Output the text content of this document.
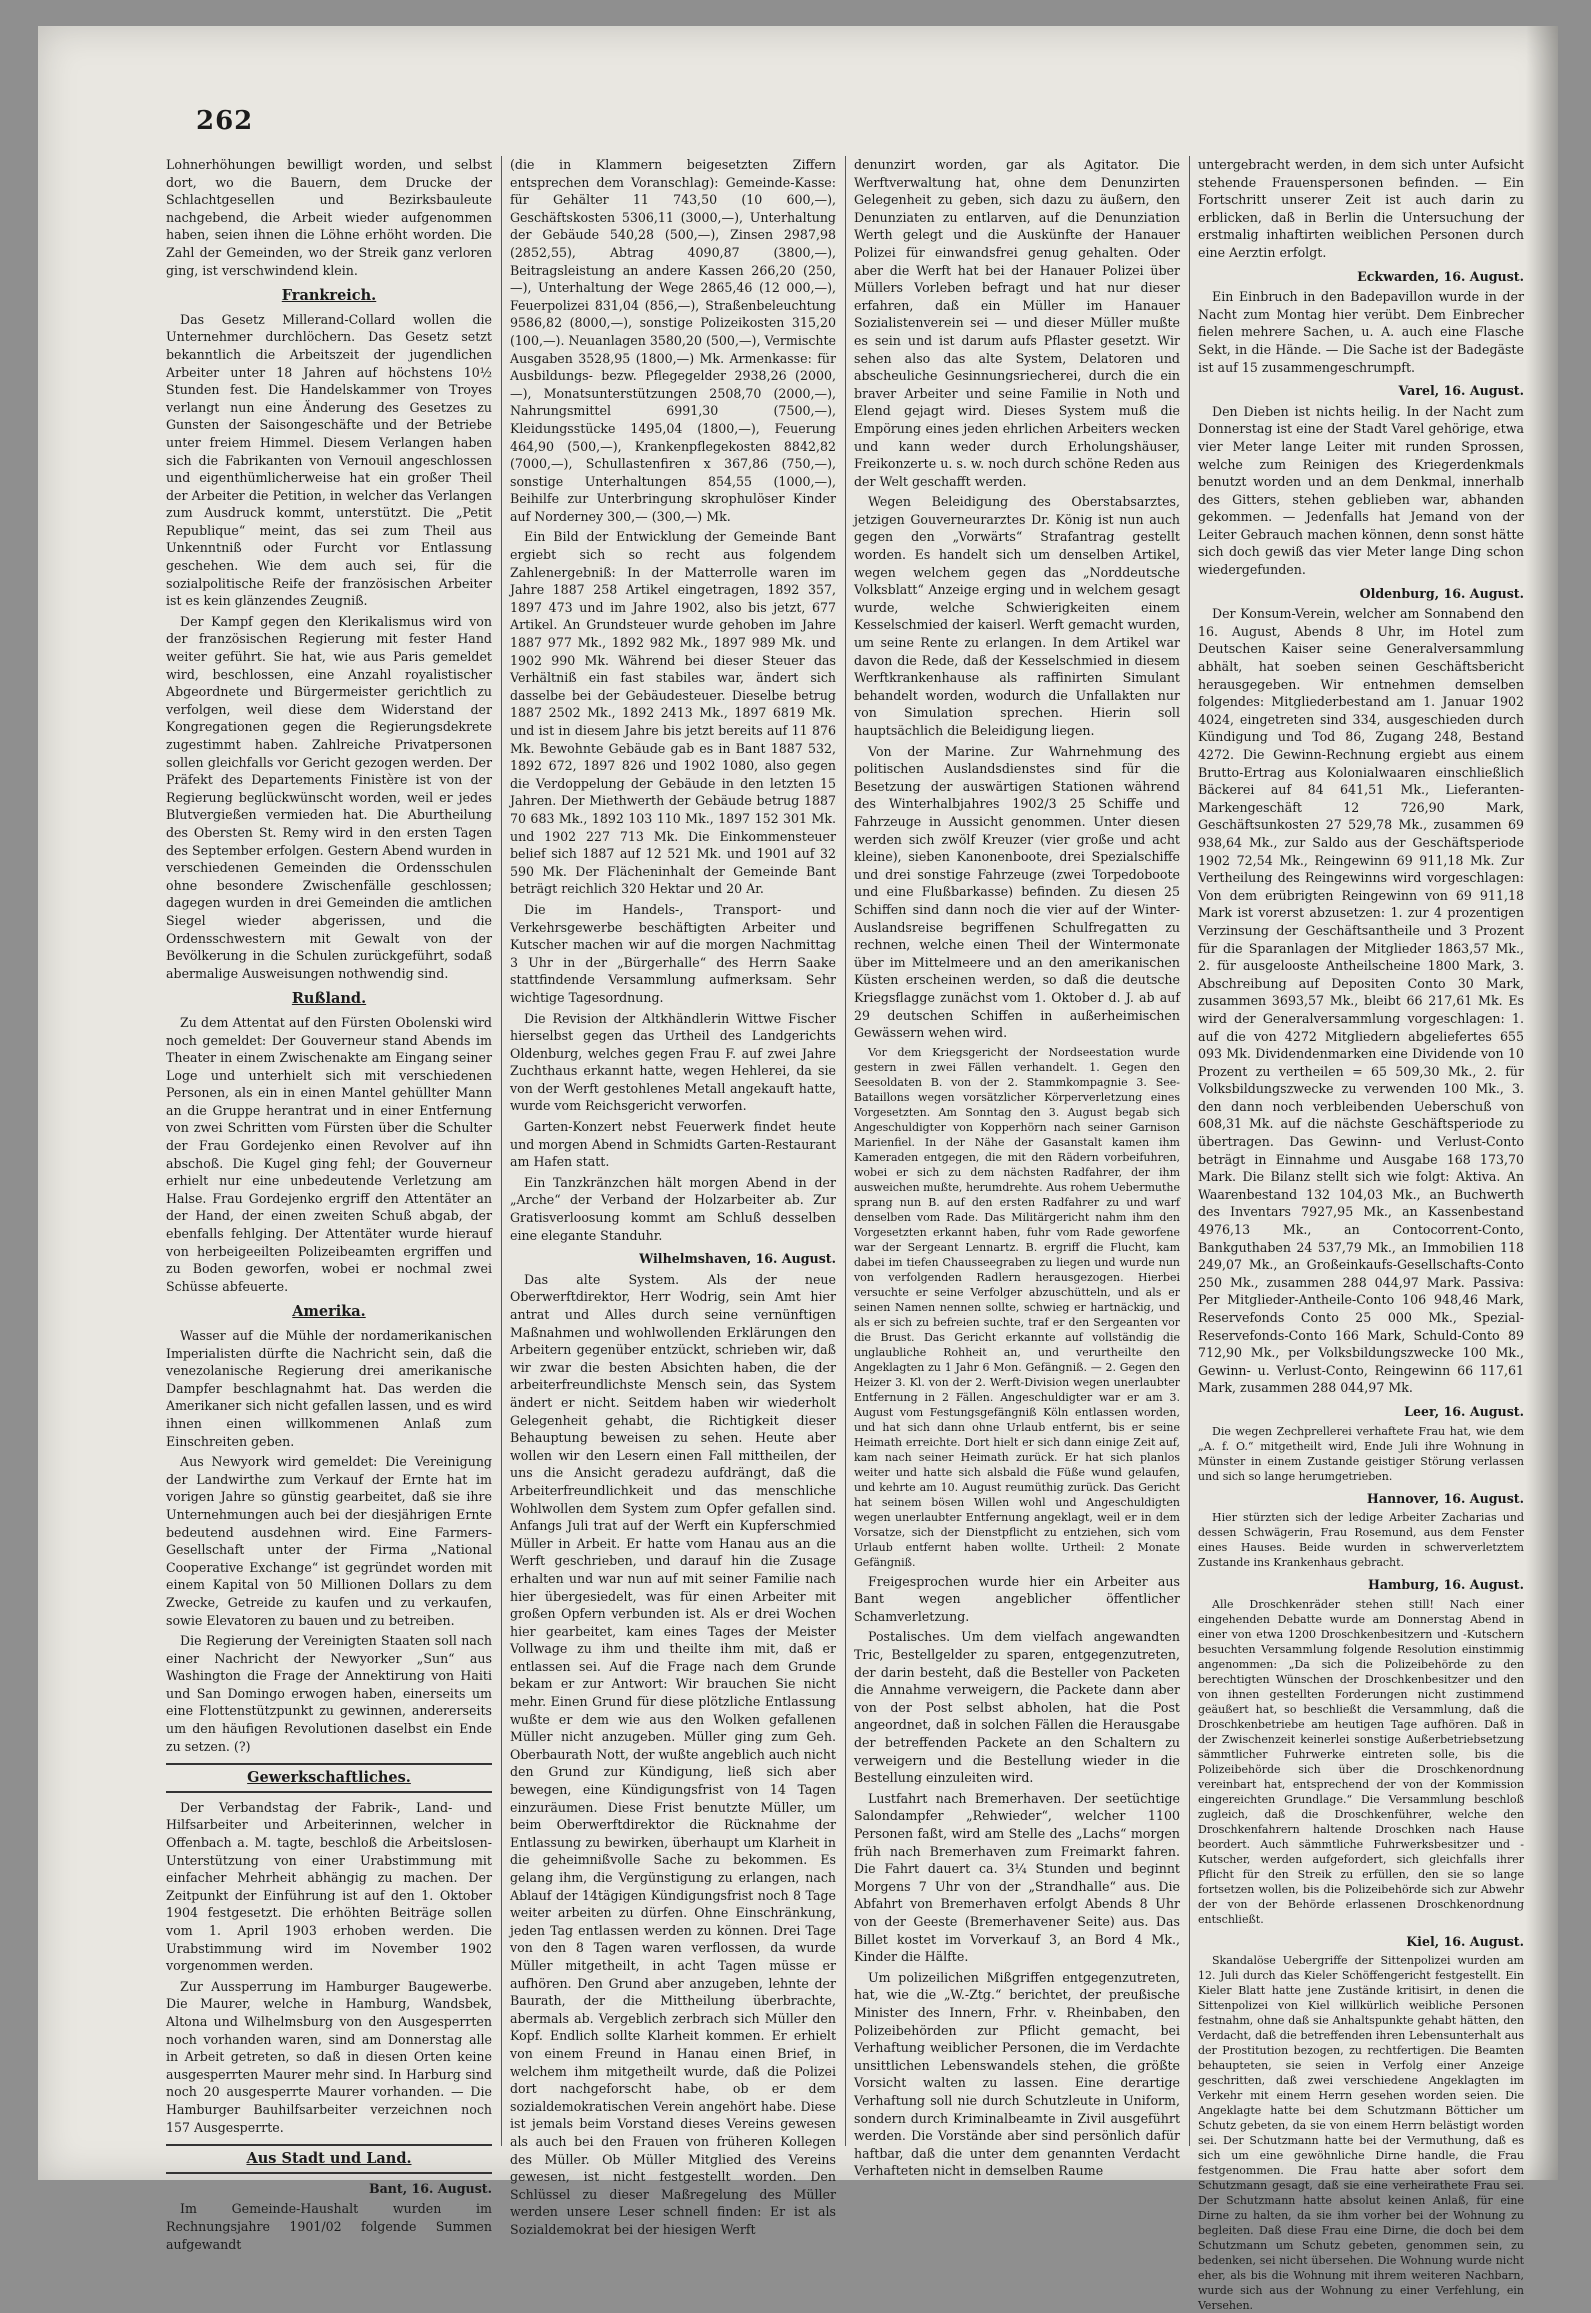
262

Lohnerhöhungen bewilligt worden, und selbst dort, wo die Bauern, dem Drucke der Schlachtgesellen und Bezirksbauleute nachgebend, die Arbeit wieder aufgenommen haben, seien ihnen die Löhne erhöht worden. Die Zahl der Gemeinden, wo der Streik ganz verloren ging, ist verschwindend klein.

Frankreich.

Das Gesetz Millerand-Collard wollen die Unternehmer durchlöchern. Das Gesetz setzt bekanntlich die Arbeitszeit der jugendlichen Arbeiter unter 18 Jahren auf höchstens 10½ Stunden fest. Die Handelskammer von Troyes verlangt nun eine Änderung des Gesetzes zu Gunsten der Saisongeschäfte und der Betriebe unter freiem Himmel. Diesem Verlangen haben sich die Fabrikanten von Vernouil angeschlossen und eigenthümlicherweise hat ein großer Theil der Arbeiter die Petition, in welcher das Verlangen zum Ausdruck kommt, unterstützt. Die „Petit Republique“ meint, das sei zum Theil aus Unkenntniß oder Furcht vor Entlassung geschehen. Wie dem auch sei, für die sozialpolitische Reife der französischen Arbeiter ist es kein glänzendes Zeugniß.

Der Kampf gegen den Klerikalismus wird von der französischen Regierung mit fester Hand weiter geführt. Sie hat, wie aus Paris gemeldet wird, beschlossen, eine Anzahl royalistischer Abgeordnete und Bürgermeister gerichtlich zu verfolgen, weil diese dem Widerstand der Kongregationen gegen die Regierungsdekrete zugestimmt haben. Zahlreiche Privatpersonen sollen gleichfalls vor Gericht gezogen werden. Der Präfekt des Departements Finistère ist von der Regierung beglückwünscht worden, weil er jedes Blutvergießen vermieden hat. Die Aburtheilung des Obersten St. Remy wird in den ersten Tagen des September erfolgen. Gestern Abend wurden in verschiedenen Gemeinden die Ordensschulen ohne besondere Zwischenfälle geschlossen; dagegen wurden in drei Gemeinden die amtlichen Siegel wieder abgerissen, und die Ordensschwestern mit Gewalt von der Bevölkerung in die Schulen zurückgeführt, sodaß abermalige Ausweisungen nothwendig sind.

Rußland.

Zu dem Attentat auf den Fürsten Obolenski wird noch gemeldet: Der Gouverneur stand Abends im Theater in einem Zwischenakte am Eingang seiner Loge und unterhielt sich mit verschiedenen Personen, als ein in einen Mantel gehüllter Mann an die Gruppe herantrat und in einer Entfernung von zwei Schritten vom Fürsten über die Schulter der Frau Gordejenko einen Revolver auf ihn abschoß. Die Kugel ging fehl; der Gouverneur erhielt nur eine unbedeutende Verletzung am Halse. Frau Gordejenko ergriff den Attentäter an der Hand, der einen zweiten Schuß abgab, der ebenfalls fehlging. Der Attentäter wurde hierauf von herbeigeeilten Polizeibeamten ergriffen und zu Boden geworfen, wobei er nochmal zwei Schüsse abfeuerte.

Amerika.

Wasser auf die Mühle der nordamerikanischen Imperialisten dürfte die Nachricht sein, daß die venezolanische Regierung drei amerikanische Dampfer beschlagnahmt hat. Das werden die Amerikaner sich nicht gefallen lassen, und es wird ihnen einen willkommenen Anlaß zum Einschreiten geben.

Aus Newyork wird gemeldet: Die Vereinigung der Landwirthe zum Verkauf der Ernte hat im vorigen Jahre so günstig gearbeitet, daß sie ihre Unternehmungen auch bei der diesjährigen Ernte bedeutend ausdehnen wird. Eine Farmers-Gesellschaft unter der Firma „National Cooperative Exchange“ ist gegründet worden mit einem Kapital von 50 Millionen Dollars zu dem Zwecke, Getreide zu kaufen und zu verkaufen, sowie Elevatoren zu bauen und zu betreiben.

Die Regierung der Vereinigten Staaten soll nach einer Nachricht der Newyorker „Sun“ aus Washington die Frage der Annektirung von Haiti und San Domingo erwogen haben, einerseits um eine Flottenstützpunkt zu gewinnen, andererseits um den häufigen Revolutionen daselbst ein Ende zu setzen. (?)

Gewerkschaftliches.

Der Verbandstag der Fabrik-, Land- und Hilfsarbeiter und Arbeiterinnen, welcher in Offenbach a. M. tagte, beschloß die Arbeitslosen-Unterstützung von einer Urabstimmung mit einfacher Mehrheit abhängig zu machen. Der Zeitpunkt der Einführung ist auf den 1. Oktober 1904 festgesetzt. Die erhöhten Beiträge sollen vom 1. April 1903 erhoben werden. Die Urabstimmung wird im November 1902 vorgenommen werden.

Zur Aussperrung im Hamburger Baugewerbe. Die Maurer, welche in Hamburg, Wandsbek, Altona und Wilhelmsburg von den Ausgesperrten noch vorhanden waren, sind am Donnerstag alle in Arbeit getreten, so daß in diesen Orten keine ausgesperrten Maurer mehr sind. In Harburg sind noch 20 ausgesperrte Maurer vorhanden. — Die Hamburger Bauhilfsarbeiter verzeichnen noch 157 Ausgesperrte.

Aus Stadt und Land.
Bant, 16. August.

Im Gemeinde-Haushalt wurden im Rechnungsjahre 1901/02 folgende Summen aufgewandt

(die in Klammern beigesetzten Ziffern entsprechen dem Voranschlag): Gemeinde-Kasse: für Gehälter 11 743,50 (10 600,—), Geschäftskosten 5306,11 (3000,—), Unterhaltung der Gebäude 540,28 (500,—), Zinsen 2987,98 (2852,55), Abtrag 4090,87 (3800,—), Beitragsleistung an andere Kassen 266,20 (250,—), Unterhaltung der Wege 2865,46 (12 000,—), Feuerpolizei 831,04 (856,—), Straßenbeleuchtung 9586,82 (8000,—), sonstige Polizeikosten 315,20 (100,—). Neuanlagen 3580,20 (500,—), Vermischte Ausgaben 3528,95 (1800,—) Mk. Armenkasse: für Ausbildungs- bezw. Pflegegelder 2938,26 (2000,—), Monatsunterstützungen 2508,70 (2000,—), Nahrungsmittel 6991,30 (7500,—), Kleidungsstücke 1495,04 (1800,—), Feuerung 464,90 (500,—), Krankenpflegekosten 8842,82 (7000,—), Schullastenfiren x 367,86 (750,—), sonstige Unterhaltungen 854,55 (1000,—), Beihilfe zur Unterbringung skrophulöser Kinder auf Norderney 300,— (300,—) Mk.

Ein Bild der Entwicklung der Gemeinde Bant ergiebt sich so recht aus folgendem Zahlenergebniß: In der Matterrolle waren im Jahre 1887 258 Artikel eingetragen, 1892 357, 1897 473 und im Jahre 1902, also bis jetzt, 677 Artikel. An Grundsteuer wurde gehoben im Jahre 1887 977 Mk., 1892 982 Mk., 1897 989 Mk. und 1902 990 Mk. Während bei dieser Steuer das Verhältniß ein fast stabiles war, ändert sich dasselbe bei der Gebäudesteuer. Dieselbe betrug 1887 2502 Mk., 1892 2413 Mk., 1897 6819 Mk. und ist in diesem Jahre bis jetzt bereits auf 11 876 Mk. Bewohnte Gebäude gab es in Bant 1887 532, 1892 672, 1897 826 und 1902 1080, also gegen die Verdoppelung der Gebäude in den letzten 15 Jahren. Der Miethwerth der Gebäude betrug 1887 70 683 Mk., 1892 103 110 Mk., 1897 152 301 Mk. und 1902 227 713 Mk. Die Einkommensteuer belief sich 1887 auf 12 521 Mk. und 1901 auf 32 590 Mk. Der Flächeninhalt der Gemeinde Bant beträgt reichlich 320 Hektar und 20 Ar.

Die im Handels-, Transport- und Verkehrsgewerbe beschäftigten Arbeiter und Kutscher machen wir auf die morgen Nachmittag 3 Uhr in der „Bürgerhalle“ des Herrn Saake stattfindende Versammlung aufmerksam. Sehr wichtige Tagesordnung.

Die Revision der Altkhändlerin Wittwe Fischer hierselbst gegen das Urtheil des Landgerichts Oldenburg, welches gegen Frau F. auf zwei Jahre Zuchthaus erkannt hatte, wegen Hehlerei, da sie von der Werft gestohlenes Metall angekauft hatte, wurde vom Reichsgericht verworfen.

Garten-Konzert nebst Feuerwerk findet heute und morgen Abend in Schmidts Garten-Restaurant am Hafen statt.

Ein Tanzkränzchen hält morgen Abend in der „Arche“ der Verband der Holzarbeiter ab. Zur Gratisverloosung kommt am Schluß desselben eine elegante Standuhr.

Wilhelmshaven, 16. August.

Das alte System. Als der neue Oberwerftdirektor, Herr Wodrig, sein Amt hier antrat und Alles durch seine vernünftigen Maßnahmen und wohlwollenden Erklärungen den Arbeitern gegenüber entzückt, schrieben wir, daß wir zwar die besten Absichten haben, die der arbeiterfreundlichste Mensch sein, das System ändert er nicht. Seitdem haben wir wiederholt Gelegenheit gehabt, die Richtigkeit dieser Behauptung beweisen zu sehen. Heute aber wollen wir den Lesern einen Fall mittheilen, der uns die Ansicht geradezu aufdrängt, daß die Arbeiterfreundlichkeit und das menschliche Wohlwollen dem System zum Opfer gefallen sind. Anfangs Juli trat auf der Werft ein Kupferschmied Müller in Arbeit. Er hatte vom Hanau aus an die Werft geschrieben, und darauf hin die Zusage erhalten und war nun auf mit seiner Familie nach hier übergesiedelt, was für einen Arbeiter mit großen Opfern verbunden ist. Als er drei Wochen hier gearbeitet, kam eines Tages der Meister Vollwage zu ihm und theilte ihm mit, daß er entlassen sei. Auf die Frage nach dem Grunde bekam er zur Antwort: Wir brauchen Sie nicht mehr. Einen Grund für diese plötzliche Entlassung wußte er dem wie aus den Wolken gefallenen Müller nicht anzugeben. Müller ging zum Geh. Oberbaurath Nott, der wußte angeblich auch nicht den Grund zur Kündigung, ließ sich aber bewegen, eine Kündigungsfrist von 14 Tagen einzuräumen. Diese Frist benutzte Müller, um beim Oberwerftdirektor die Rücknahme der Entlassung zu bewirken, überhaupt um Klarheit in die geheimnißvolle Sache zu bekommen. Es gelang ihm, die Vergünstigung zu erlangen, nach Ablauf der 14tägigen Kündigungsfrist noch 8 Tage weiter arbeiten zu dürfen. Ohne Einschränkung, jeden Tag entlassen werden zu können. Drei Tage von den 8 Tagen waren verflossen, da wurde Müller mitgetheilt, in acht Tagen müsse er aufhören. Den Grund aber anzugeben, lehnte der Baurath, der die Mittheilung überbrachte, abermals ab. Vergeblich zerbrach sich Müller den Kopf. Endlich sollte Klarheit kommen. Er erhielt von einem Freund in Hanau einen Brief, in welchem ihm mitgetheilt wurde, daß die Polizei dort nachgeforscht habe, ob er dem sozialdemokratischen Verein angehört habe. Diese ist jemals beim Vorstand dieses Vereins gewesen als auch bei den Frauen von früheren Kollegen des Müller. Ob Müller Mitglied des Vereins gewesen, ist nicht festgestellt worden. Den Schlüssel zu dieser Maßregelung des Müller werden unsere Leser schnell finden: Er ist als Sozialdemokrat bei der hiesigen Werft

denunzirt worden, gar als Agitator. Die Werftverwaltung hat, ohne dem Denunzirten Gelegenheit zu geben, sich dazu zu äußern, den Denunziaten zu entlarven, auf die Denunziation Werth gelegt und die Auskünfte der Hanauer Polizei für einwandsfrei genug gehalten. Oder aber die Werft hat bei der Hanauer Polizei über Müllers Vorleben befragt und hat nur dieser erfahren, daß ein Müller im Hanauer Sozialistenverein sei — und dieser Müller mußte es sein und ist darum aufs Pflaster gesetzt. Wir sehen also das alte System, Delatoren und abscheuliche Gesinnungsriecherei, durch die ein braver Arbeiter und seine Familie in Noth und Elend gejagt wird. Dieses System muß die Empörung eines jeden ehrlichen Arbeiters wecken und kann weder durch Erholungshäuser, Freikonzerte u. s. w. noch durch schöne Reden aus der Welt geschafft werden.

Wegen Beleidigung des Oberstabsarztes, jetzigen Gouverneurarztes Dr. König ist nun auch gegen den „Vorwärts“ Strafantrag gestellt worden. Es handelt sich um denselben Artikel, wegen welchem gegen das „Norddeutsche Volksblatt“ Anzeige erging und in welchem gesagt wurde, welche Schwierigkeiten einem Kesselschmied der kaiserl. Werft gemacht wurden, um seine Rente zu erlangen. In dem Artikel war davon die Rede, daß der Kesselschmied in diesem Werftkrankenhause als raffinirten Simulant behandelt worden, wodurch die Unfallakten nur von Simulation sprechen. Hierin soll hauptsächlich die Beleidigung liegen.

Von der Marine. Zur Wahrnehmung des politischen Auslandsdienstes sind für die Besetzung der auswärtigen Stationen während des Winterhalbjahres 1902/3 25 Schiffe und Fahrzeuge in Aussicht genommen. Unter diesen werden sich zwölf Kreuzer (vier große und acht kleine), sieben Kanonenboote, drei Spezialschiffe und drei sonstige Fahrzeuge (zwei Torpedoboote und eine Flußbarkasse) befinden. Zu diesen 25 Schiffen sind dann noch die vier auf der Winter-Auslandsreise begriffenen Schulfregatten zu rechnen, welche einen Theil der Wintermonate über im Mittelmeere und an den amerikanischen Küsten erscheinen werden, so daß die deutsche Kriegsflagge zunächst vom 1. Oktober d. J. ab auf 29 deutschen Schiffen in außerheimischen Gewässern wehen wird.

Vor dem Kriegsgericht der Nordseestation wurde gestern in zwei Fällen verhandelt. 1. Gegen den Seesoldaten B. von der 2. Stammkompagnie 3. See-Bataillons wegen vorsätzlicher Körperverletzung eines Vorgesetzten. Am Sonntag den 3. August begab sich Angeschuldigter von Kopperhörn nach seiner Garnison Marienfiel. In der Nähe der Gasanstalt kamen ihm Kameraden entgegen, die mit den Rädern vorbeifuhren, wobei er sich zu dem nächsten Radfahrer, der ihm ausweichen mußte, herumdrehte. Aus rohem Uebermuthe sprang nun B. auf den ersten Radfahrer zu und warf denselben vom Rade. Das Militärgericht nahm ihm den Vorgesetzten erkannt haben, fuhr vom Rade geworfene war der Sergeant Lennartz. B. ergriff die Flucht, kam dabei im tiefen Chausseegraben zu liegen und wurde nun von verfolgenden Radlern herausgezogen. Hierbei versuchte er seine Verfolger abzuschütteln, und als er seinen Namen nennen sollte, schwieg er hartnäckig, und als er sich zu befreien suchte, traf er den Sergeanten vor die Brust. Das Gericht erkannte auf vollständig die unglaubliche Rohheit an, und verurtheilte den Angeklagten zu 1 Jahr 6 Mon. Gefängniß. — 2. Gegen den Heizer 3. Kl. von der 2. Werft-Division wegen unerlaubter Entfernung in 2 Fällen. Angeschuldigter war er am 3. August vom Festungsgefängniß Köln entlassen worden, und hat sich dann ohne Urlaub entfernt, bis er seine Heimath erreichte. Dort hielt er sich dann einige Zeit auf, kam nach seiner Heimath zurück. Er hat sich planlos weiter und hatte sich alsbald die Füße wund gelaufen, und kehrte am 10. August reumüthig zurück. Das Gericht hat seinem bösen Willen wohl und Angeschuldigten wegen unerlaubter Entfernung angeklagt, weil er in dem Vorsatze, sich der Dienstpflicht zu entziehen, sich vom Urlaub entfernt haben wollte. Urtheil: 2 Monate Gefängniß.

Freigesprochen wurde hier ein Arbeiter aus Bant wegen angeblicher öffentlicher Schamverletzung.

Postalisches. Um dem vielfach angewandten Tric, Bestellgelder zu sparen, entgegenzutreten, der darin besteht, daß die Besteller von Packeten die Annahme verweigern, die Packete dann aber von der Post selbst abholen, hat die Post angeordnet, daß in solchen Fällen die Herausgabe der betreffenden Packete an den Schaltern zu verweigern und die Bestellung wieder in die Bestellung einzuleiten wird.

Lustfahrt nach Bremerhaven. Der seetüchtige Salondampfer „Rehwieder“, welcher 1100 Personen faßt, wird am Stelle des „Lachs“ morgen früh nach Bremerhaven zum Freimarkt fahren. Die Fahrt dauert ca. 3¼ Stunden und beginnt Morgens 7 Uhr von der „Strandhalle“ aus. Die Abfahrt von Bremerhaven erfolgt Abends 8 Uhr von der Geeste (Bremerhavener Seite) aus. Das Billet kostet im Vorverkauf 3, an Bord 4 Mk., Kinder die Hälfte.

Um polizeilichen Mißgriffen entgegenzutreten, hat, wie die „W.-Ztg.“ berichtet, der preußische Minister des Innern, Frhr. v. Rheinbaben, den Polizeibehörden zur Pflicht gemacht, bei Verhaftung weiblicher Personen, die im Verdachte unsittlichen Lebenswandels stehen, die größte Vorsicht walten zu lassen. Eine derartige Verhaftung soll nie durch Schutzleute in Uniform, sondern durch Kriminalbeamte in Zivil ausgeführt werden. Die Vorstände aber sind persönlich dafür haftbar, daß die unter dem genannten Verdacht Verhafteten nicht in demselben Raume

untergebracht werden, in dem sich unter Aufsicht stehende Frauenspersonen befinden. — Ein Fortschritt unserer Zeit ist auch darin zu erblicken, daß in Berlin die Untersuchung der erstmalig inhaftirten weiblichen Personen durch eine Aerztin erfolgt.

Eckwarden, 16. August.

Ein Einbruch in den Badepavillon wurde in der Nacht zum Montag hier verübt. Dem Einbrecher fielen mehrere Sachen, u. A. auch eine Flasche Sekt, in die Hände. — Die Sache ist der Badegäste ist auf 15 zusammengeschrumpft.

Varel, 16. August.

Den Dieben ist nichts heilig. In der Nacht zum Donnerstag ist eine der Stadt Varel gehörige, etwa vier Meter lange Leiter mit runden Sprossen, welche zum Reinigen des Kriegerdenkmals benutzt worden und an dem Denkmal, innerhalb des Gitters, stehen geblieben war, abhanden gekommen. — Jedenfalls hat Jemand von der Leiter Gebrauch machen können, denn sonst hätte sich doch gewiß das vier Meter lange Ding schon wiedergefunden.

Oldenburg, 16. August.

Der Konsum-Verein, welcher am Sonnabend den 16. August, Abends 8 Uhr, im Hotel zum Deutschen Kaiser seine Generalversammlung abhält, hat soeben seinen Geschäftsbericht herausgegeben. Wir entnehmen demselben folgendes: Mitgliederbestand am 1. Januar 1902 4024, eingetreten sind 334, ausgeschieden durch Kündigung und Tod 86, Zugang 248, Bestand 4272. Die Gewinn-Rechnung ergiebt aus einem Brutto-Ertrag aus Kolonialwaaren einschließlich Bäckerei auf 84 641,51 Mk., Lieferanten-Markengeschäft 12 726,90 Mark, Geschäftsunkosten 27 529,78 Mk., zusammen 69 938,64 Mk., zur Saldo aus der Geschäftsperiode 1902 72,54 Mk., Reingewinn 69 911,18 Mk. Zur Vertheilung des Reingewinns wird vorgeschlagen: Von dem erübrigten Reingewinn von 69 911,18 Mark ist vorerst abzusetzen: 1. zur 4 prozentigen Verzinsung der Geschäftsantheile und 3 Prozent für die Sparanlagen der Mitglieder 1863,57 Mk., 2. für ausgelooste Antheilscheine 1800 Mark, 3. Abschreibung auf Depositen Conto 30 Mark, zusammen 3693,57 Mk., bleibt 66 217,61 Mk. Es wird der Generalversammlung vorgeschlagen: 1. auf die von 4272 Mitgliedern abgeliefertes 655 093 Mk. Dividendenmarken eine Dividende von 10 Prozent zu vertheilen = 65 509,30 Mk., 2. für Volksbildungszwecke zu verwenden 100 Mk., 3. den dann noch verbleibenden Ueberschuß von 608,31 Mk. auf die nächste Geschäftsperiode zu übertragen. Das Gewinn- und Verlust-Conto beträgt in Einnahme und Ausgabe 168 173,70 Mark. Die Bilanz stellt sich wie folgt: Aktiva. An Waarenbestand 132 104,03 Mk., an Buchwerth des Inventars 7927,95 Mk., an Kassenbestand 4976,13 Mk., an Contocorrent-Conto, Bankguthaben 24 537,79 Mk., an Immobilien 118 249,07 Mk., an Großeinkaufs-Gesellschafts-Conto 250 Mk., zusammen 288 044,97 Mark. Passiva: Per Mitglieder-Antheile-Conto 106 948,46 Mark, Reservefonds Conto 25 000 Mk., Spezial-Reservefonds-Conto 166 Mark, Schuld-Conto 89 712,90 Mk., per Volksbildungszwecke 100 Mk., Gewinn- u. Verlust-Conto, Reingewinn 66 117,61 Mark, zusammen 288 044,97 Mk.

Leer, 16. August.

Die wegen Zechprellerei verhaftete Frau hat, wie dem „A. f. O.“ mitgetheilt wird, Ende Juli ihre Wohnung in Münster in einem Zustande geistiger Störung verlassen und sich so lange herumgetrieben.

Hannover, 16. August.

Hier stürzten sich der ledige Arbeiter Zacharias und dessen Schwägerin, Frau Rosemund, aus dem Fenster eines Hauses. Beide wurden in schwerverletztem Zustande ins Krankenhaus gebracht.

Hamburg, 16. August.

Alle Droschkenräder stehen still! Nach einer eingehenden Debatte wurde am Donnerstag Abend in einer von etwa 1200 Droschkenbesitzern und -Kutschern besuchten Versammlung folgende Resolution einstimmig angenommen: „Da sich die Polizeibehörde zu den berechtigten Wünschen der Droschkenbesitzer und den von ihnen gestellten Forderungen nicht zustimmend geäußert hat, so beschließt die Versammlung, daß die Droschkenbetriebe am heutigen Tage aufhören. Daß in der Zwischenzeit keinerlei sonstige Außerbetriebsetzung sämmtlicher Fuhrwerke eintreten solle, bis die Polizeibehörde sich über die Droschkenordnung vereinbart hat, entsprechend der von der Kommission eingereichten Grundlage.“ Die Versammlung beschloß zugleich, daß die Droschkenführer, welche den Droschkenfahrern haltende Droschken nach Hause beordert. Auch sämmtliche Fuhrwerksbesitzer und -Kutscher, werden aufgefordert, sich gleichfalls ihrer Pflicht für den Streik zu erfüllen, den sie so lange fortsetzen wollen, bis die Polizeibehörde sich zur Abwehr der von der Behörde erlassenen Droschkenordnung entschließt.

Kiel, 16. August.

Skandalöse Uebergriffe der Sittenpolizei wurden am 12. Juli durch das Kieler Schöffengericht festgestellt. Ein Kieler Blatt hatte jene Zustände kritisirt, in denen die Sittenpolizei von Kiel willkürlich weibliche Personen festnahm, ohne daß sie Anhaltspunkte gehabt hätten, den Verdacht, daß die betreffenden ihren Lebensunterhalt aus der Prostitution bezogen, zu rechtfertigen. Die Beamten behaupteten, sie seien in Verfolg einer Anzeige geschritten, daß zwei verschiedene Angeklagten im Verkehr mit einem Herrn gesehen worden seien. Die Angeklagte hatte bei dem Schutzmann Bötticher um Schutz gebeten, da sie von einem Herrn belästigt worden sei. Der Schutzmann hatte bei der Vermuthung, daß es sich um eine gewöhnliche Dirne handle, die Frau festgenommen. Die Frau hatte aber sofort dem Schutzmann gesagt, daß sie eine verheirathete Frau sei. Der Schutzmann hatte absolut keinen Anlaß, für eine Dirne zu halten, da sie ihm vorher bei der Wohnung zu begleiten. Daß diese Frau eine Dirne, die doch bei dem Schutzmann um Schutz gebeten, genommen sein, zu bedenken, sei nicht übersehen. Die Wohnung wurde nicht eher, als bis die Wohnung mit ihrem weiteren Nachbarn, wurde sich aus der Wohnung zu einer Verfehlung, ein Versehen.
